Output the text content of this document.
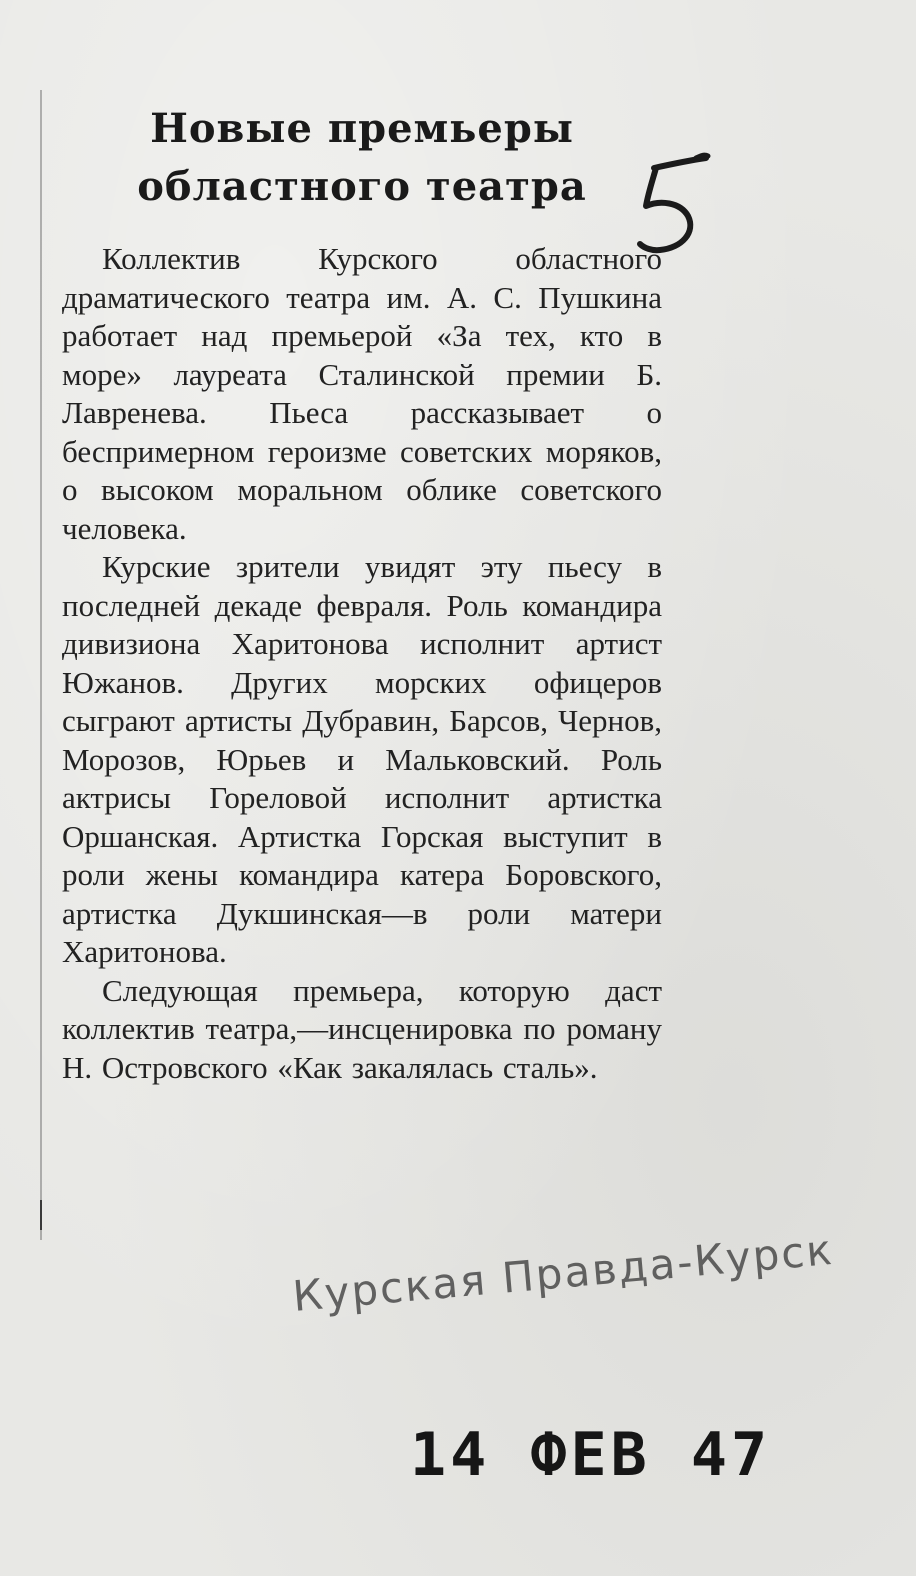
Новые премьеры
областного театра

Коллектив Курского областного драматического театра им. А. С. Пушкина работает над премьерой «За тех, кто в море» лауреата Сталинской премии Б. Лавренева. Пьеса рассказывает о беспримерном героизме советских моряков, о высоком моральном облике советского человека.

Курские зрители увидят эту пьесу в последней декаде февраля. Роль командира дивизиона Харитонова исполнит артист Южанов. Других морских офицеров сыграют артисты Дубравин, Барсов, Чернов, Морозов, Юрьев и Мальковский. Роль актрисы Гореловой исполнит артистка Оршанская. Артистка Горская выступит в роли жены командира катера Боровского, артистка Дукшинская—в роли матери Харитонова.

Следующая премьера, которую даст коллектив театра,—инсценировка по роману Н. Островского «Как закалялась сталь».

Курская Правда-Курск
14 ФЕВ 47
